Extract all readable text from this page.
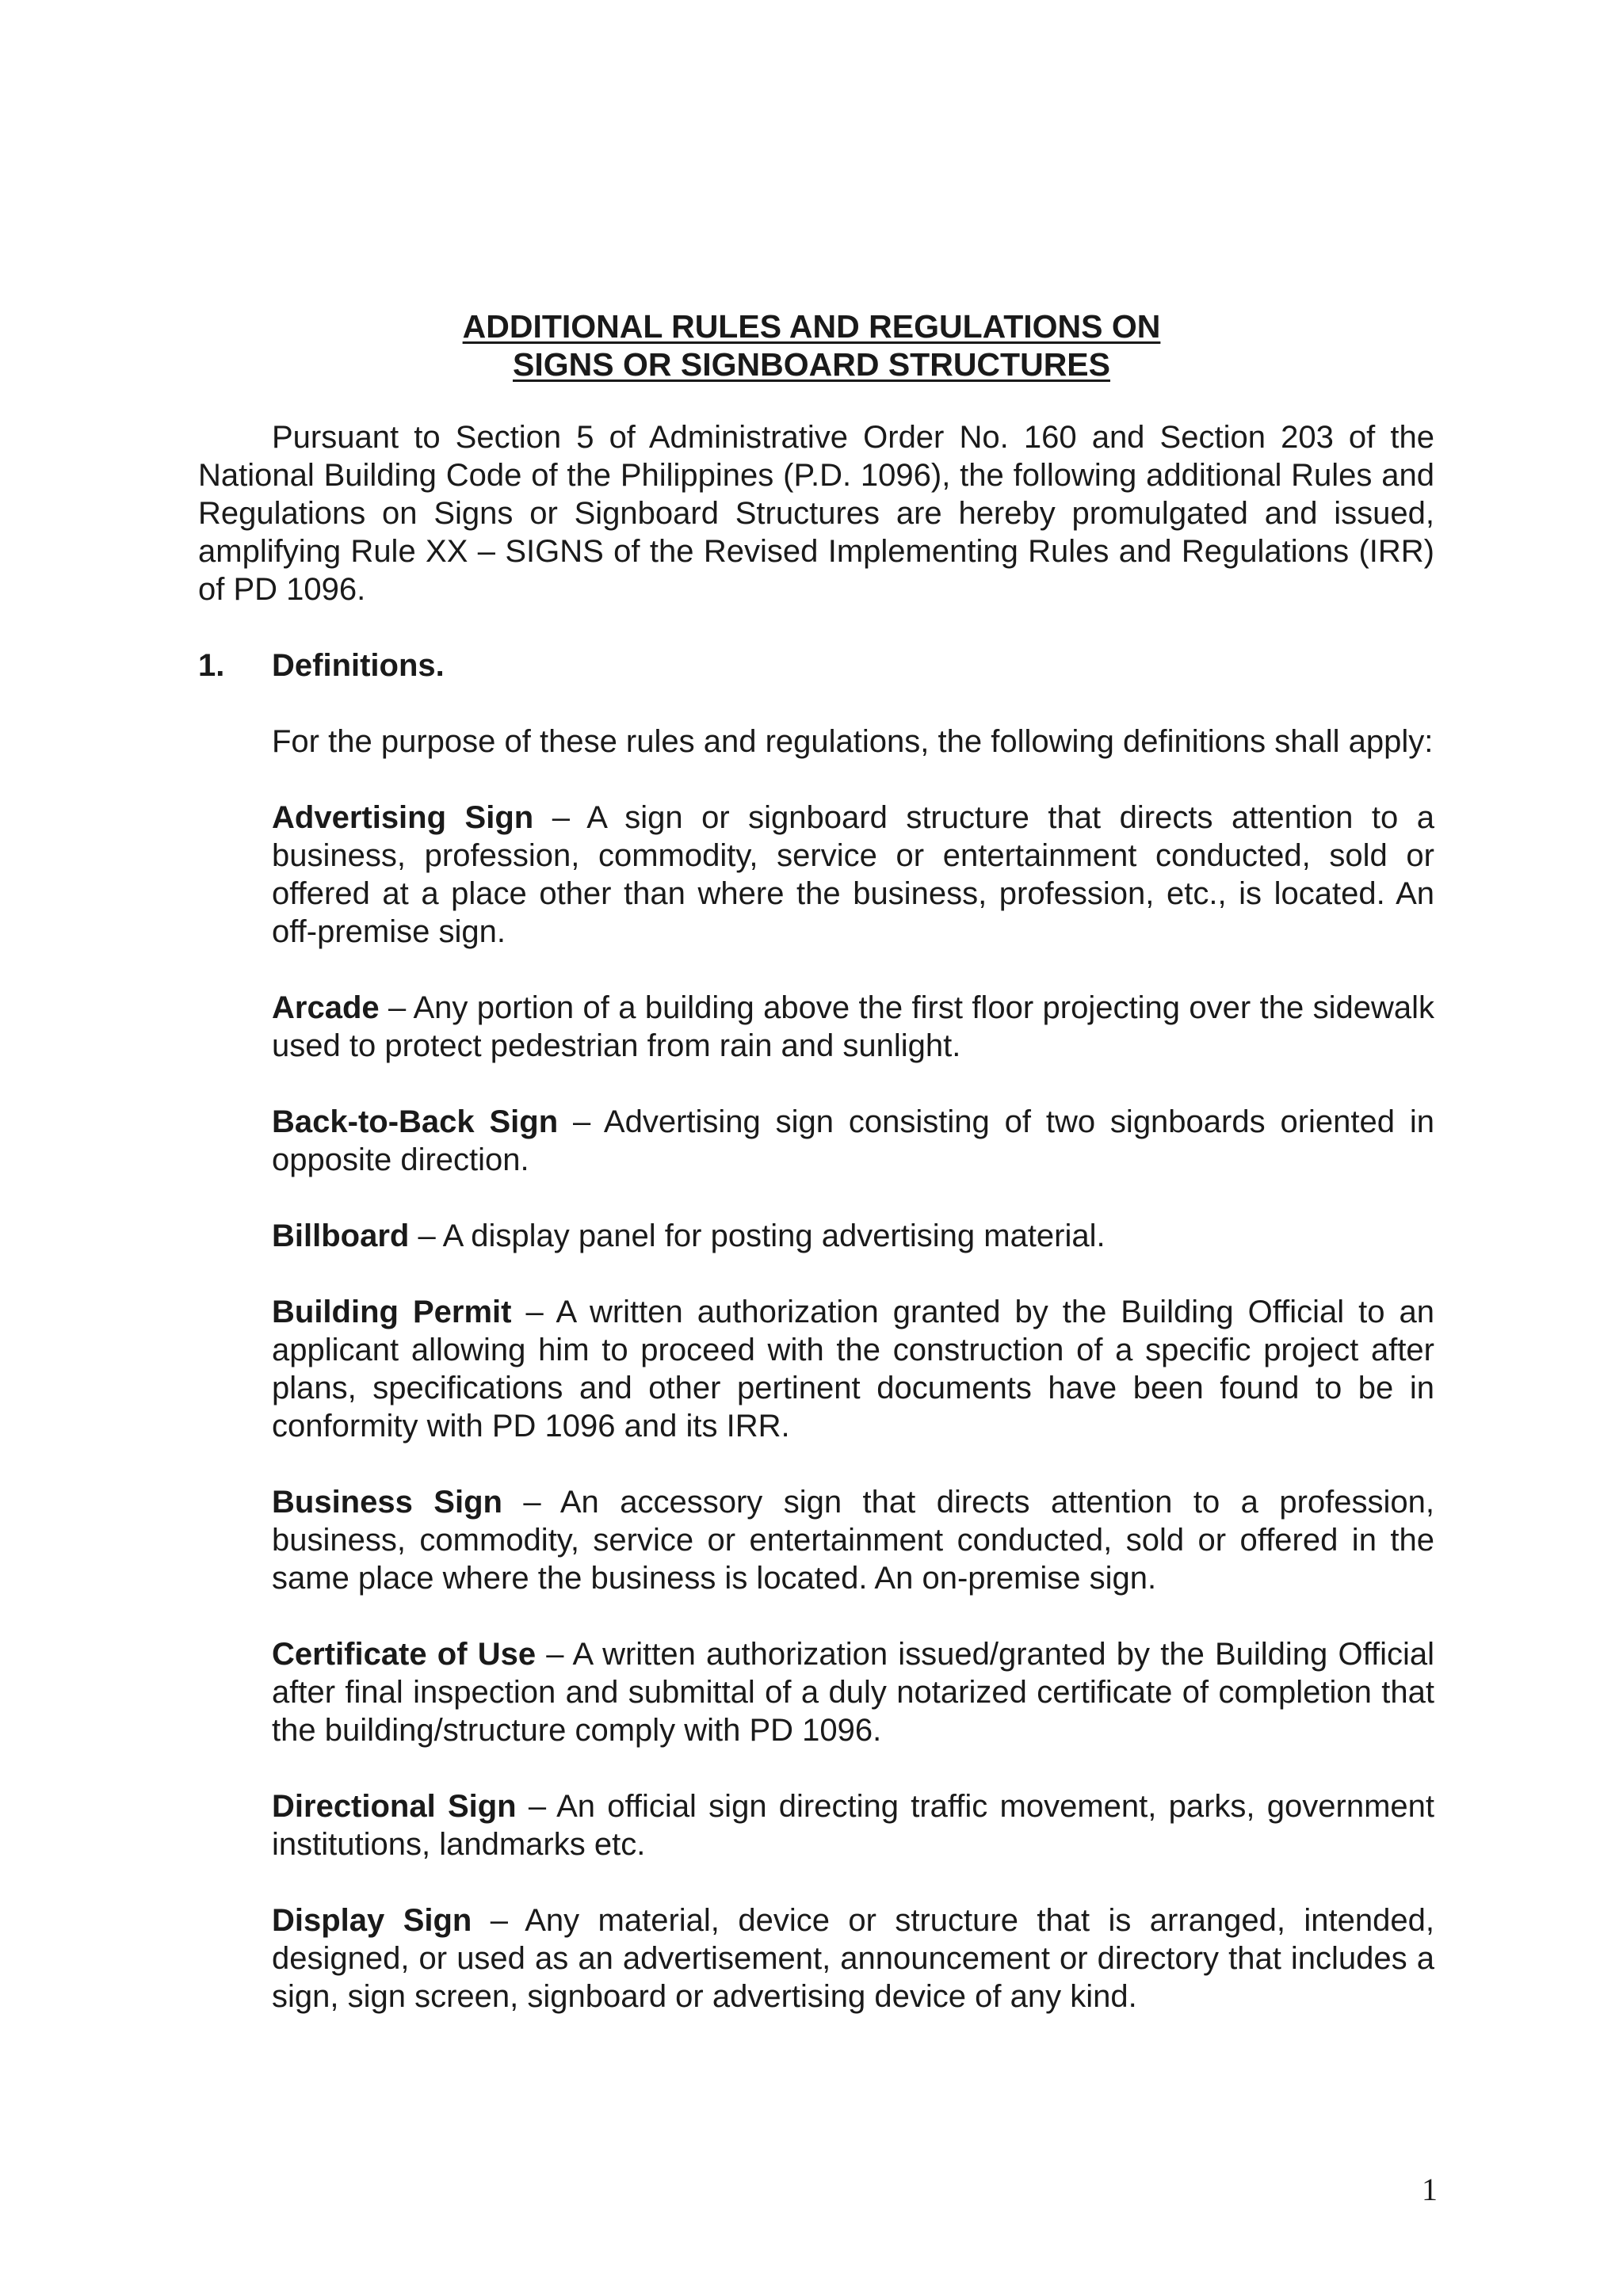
ADDITIONAL RULES AND REGULATIONS ON
SIGNS OR SIGNBOARD STRUCTURES

Pursuant to Section 5 of Administrative Order No. 160 and Section 203 of the National Building Code of the Philippines (P.D. 1096), the following additional Rules and Regulations on Signs or Signboard Structures are hereby promulgated and issued, amplifying Rule XX – SIGNS of the Revised Implementing Rules and Regulations (IRR) of PD 1096.

1. Definitions.

For the purpose of these rules and regulations, the following definitions shall apply:

Advertising Sign – A sign or signboard structure that directs attention to a business, profession, commodity, service or entertainment conducted, sold or offered at a place other than where the business, profession, etc., is located. An off-premise sign.

Arcade – Any portion of a building above the first floor projecting over the sidewalk used to protect pedestrian from rain and sunlight.

Back-to-Back Sign – Advertising sign consisting of two signboards oriented in opposite direction.

Billboard – A display panel for posting advertising material.

Building Permit – A written authorization granted by the Building Official to an applicant allowing him to proceed with the construction of a specific project after plans, specifications and other pertinent documents have been found to be in conformity with PD 1096 and its IRR.

Business Sign – An accessory sign that directs attention to a profession, business, commodity, service or entertainment conducted, sold or offered in the same place where the business is located. An on-premise sign.

Certificate of Use – A written authorization issued/granted by the Building Official after final inspection and submittal of a duly notarized certificate of completion that the building/structure comply with PD 1096.

Directional Sign – An official sign directing traffic movement, parks, government institutions, landmarks etc.

Display Sign – Any material, device or structure that is arranged, intended, designed, or used as an advertisement, announcement or directory that includes a sign, sign screen, signboard or advertising device of any kind.

1
